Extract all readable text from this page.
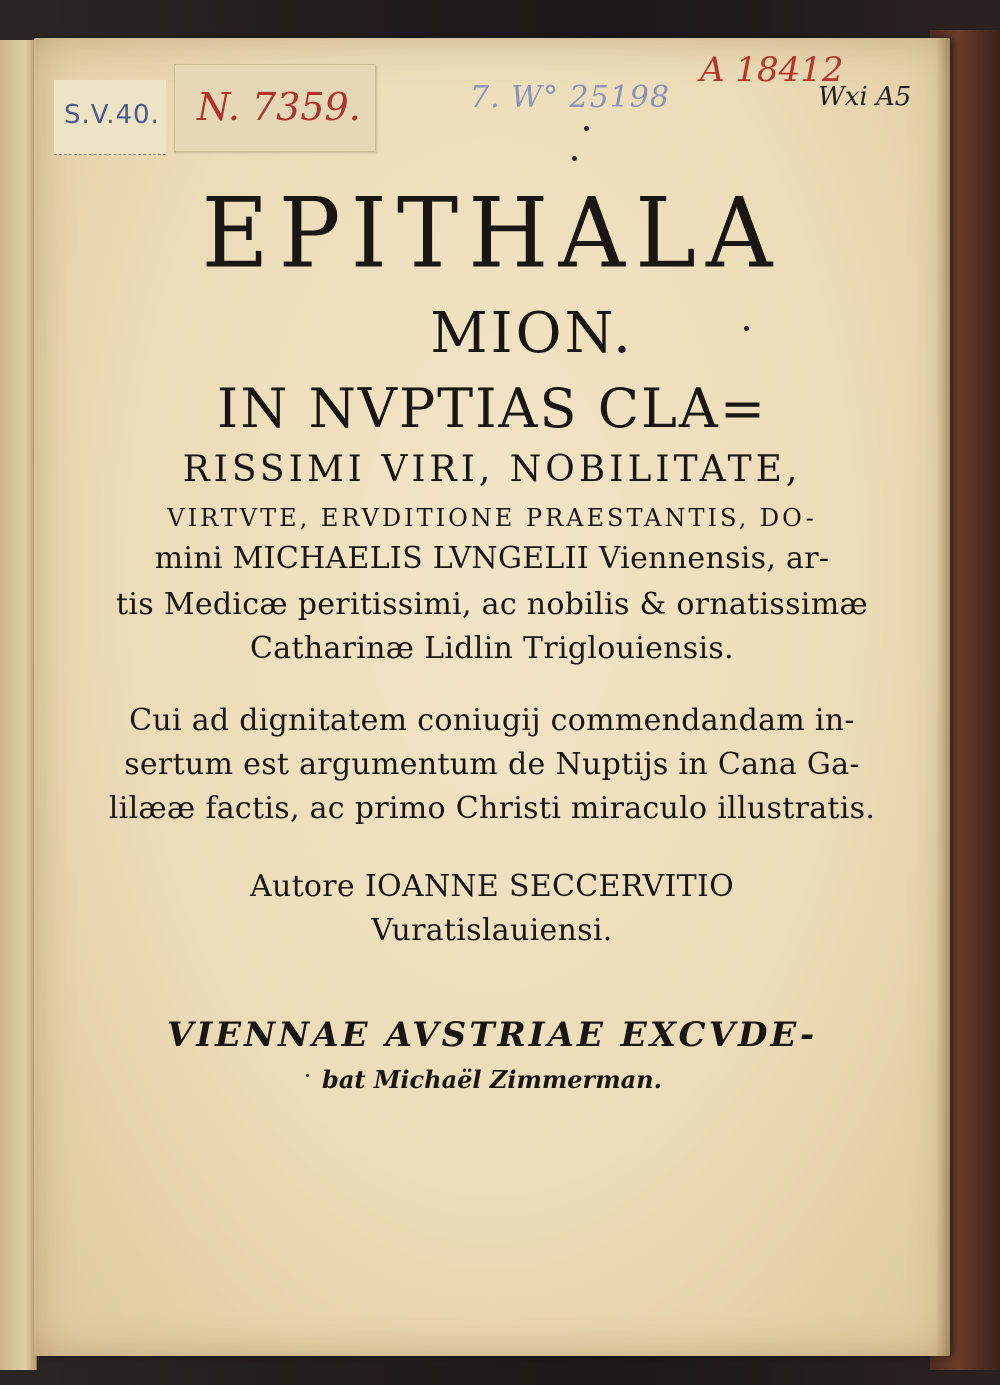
S.V.40. N. 7359.	7. W° 25198
A 18412
Wxi A5
EPITHALA
MION.
IN NVPTIAS CLA=
RISSIMI VIRI, NOBILITATE,
VIRTVTE, ERVDITIONE PRAESTANTIS, DO-
mini MICHAELIS LVNGELII Viennensis, ar-
tis Medicæ peritissimi, ac nobilis & ornatissimæ
Catharinæ Lidlin Triglouiensis.
Cui ad dignitatem coniugij commendandam in-
sertum est argumentum de Nuptijs in Cana Ga-
lilææ factis, ac primo Christi miraculo illustratis.
Autore IOANNE SECCERVITIO
Vuratislauiensi.
VIENNAE AVSTRIAE EXCVDE-
bat Michaël Zimmerman.
